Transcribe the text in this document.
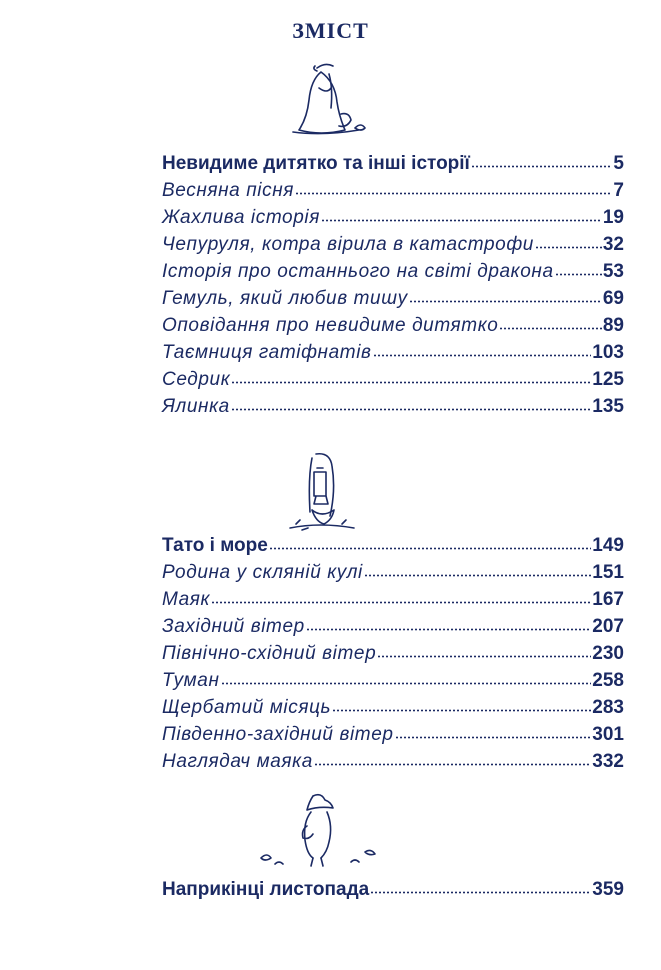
ЗМІСТ
Невидиме дитятко та інші історії	5
Весняна пісня	7
Жахлива історія	19
Чепуруля, котра вірила в катастрофи	32
Історія про останнього на світі дракона	53
Гемуль, який любив тишу	69
Оповідання про невидиме дитятко	89
Таємниця гатіфнатів	103
Седрик	125
Ялинка	135
Тато і море	149
Родина у скляній кулі	151
Маяк	167
Західний вітер	207
Північно-східний вітер	230
Туман	258
Щербатий місяць	283
Південно-західний вітер	301
Наглядач маяка	332
Наприкінці листопада	359
